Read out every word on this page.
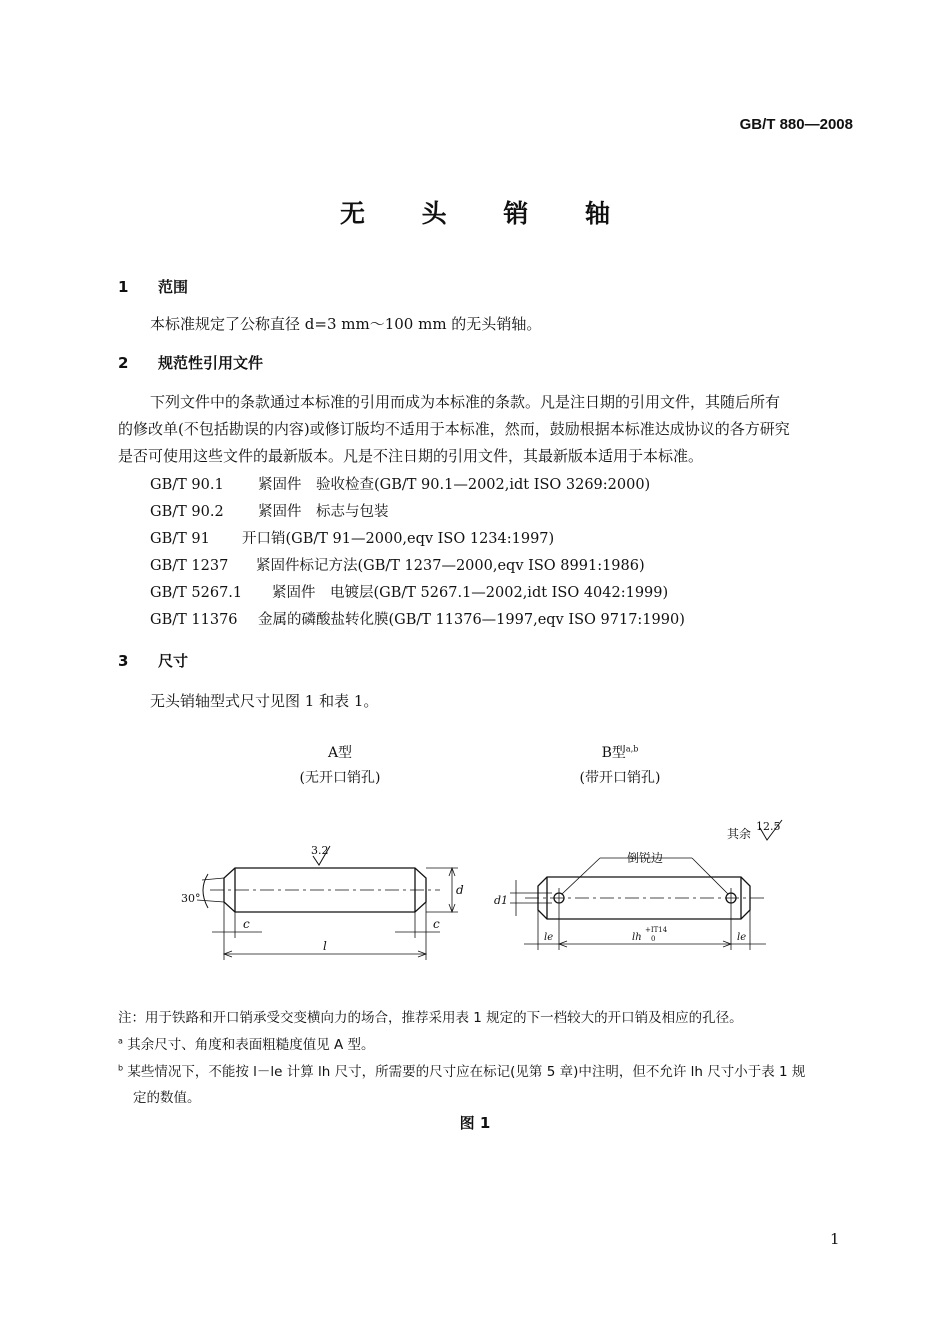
GB/T 880—2008
无 头 销 轴
1 范围
本标准规定了公称直径 d=3 mm～100 mm 的无头销轴。
2 规范性引用文件
下列文件中的条款通过本标准的引用而成为本标准的条款。凡是注日期的引用文件，其随后所有
的修改单(不包括勘误的内容)或修订版均不适用于本标准，然而，鼓励根据本标准达成协议的各方研究
是否可使用这些文件的最新版本。凡是不注日期的引用文件，其最新版本适用于本标准。
GB/T 90.1 紧固件　验收检查(GB/T 90.1—2002,idt ISO 3269:2000)
GB/T 90.2 紧固件　标志与包装
GB/T 91 开口销(GB/T 91—2000,eqv ISO 1234:1997)
GB/T 1237 紧固件标记方法(GB/T 1237—2000,eqv ISO 8991:1986)
GB/T 5267.1 紧固件　电镀层(GB/T 5267.1—2002,idt ISO 4042:1999)
GB/T 11376 金属的磷酸盐转化膜(GB/T 11376—1997,eqv ISO 9717:1990)
3 尺寸
无头销轴型式尺寸见图 1 和表 1。
A型
(无开口销孔)
B型$^{a,b}$
(带开口销孔)
3.2
30°
c	c
l
d
其余
12.5
倒锐边
d1
le	le
lh
+IT14
0
注：用于铁路和开口销承受交变横向力的场合，推荐采用表 1 规定的下一档较大的开口销及相应的孔径。
$^a$ 其余尺寸、角度和表面粗糙度值见 A 型。
$^b$ 某些情况下，不能按 l－le 计算 lh 尺寸，所需要的尺寸应在标记(见第 5 章)中注明，但不允许 lh 尺寸小于表 1 规
定的数值。
图 1
1
